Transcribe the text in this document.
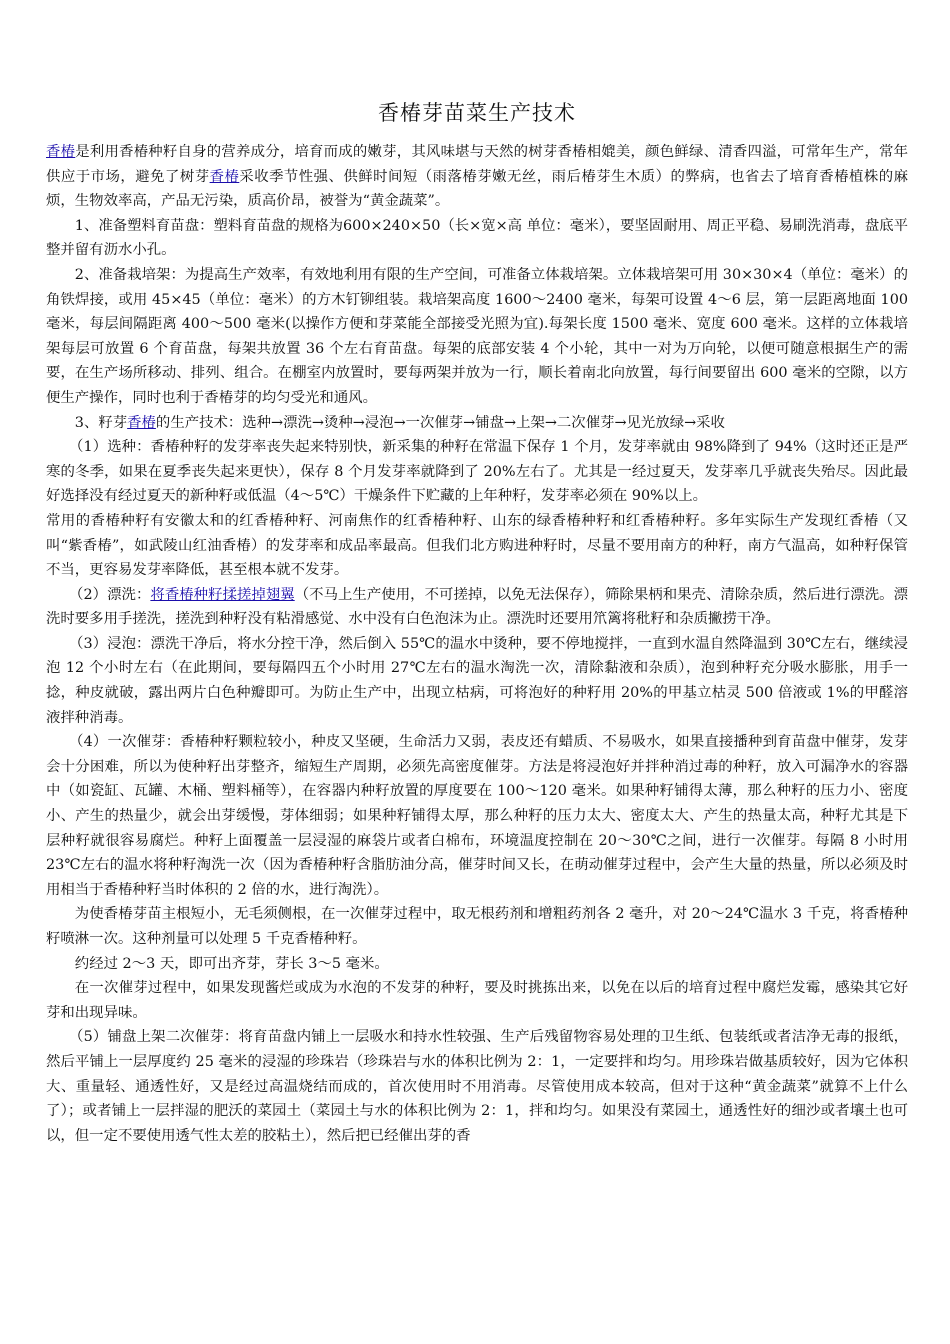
香椿芽苗菜生产技术

香椿是利用香椿种籽自身的营养成分，培育而成的嫩芽，其风味堪与天然的树芽香椿相媲美，颜色鲜绿、清香四溢，可常年生产，常年供应于市场，避免了树芽香椿采收季节性强、供鲜时间短（雨落椿芽嫩无丝，雨后椿芽生木质）的弊病，也省去了培育香椿植株的麻烦，生物效率高，产品无污染，质高价昂，被誉为“黄金蔬菜”。

1、准备塑料育苗盘：塑料育苗盘的规格为600×240×50（长×宽×高 单位：毫米），要坚固耐用、周正平稳、易刷洗消毒，盘底平整并留有沥水小孔。

2、准备栽培架：为提高生产效率，有效地利用有限的生产空间，可准备立体栽培架。立体栽培架可用 30×30×4（单位：毫米）的角铁焊接，或用 45×45（单位：毫米）的方木钉铆组装。栽培架高度 1600～2400 毫米，每架可设置 4～6 层，第一层距离地面 100 毫米，每层间隔距离 400～500 毫米(以操作方便和芽菜能全部接受光照为宜).每架长度 1500 毫米、宽度 600 毫米。这样的立体栽培架每层可放置 6 个育苗盘，每架共放置 36 个左右育苗盘。每架的底部安装 4 个小轮，其中一对为万向轮，以便可随意根据生产的需要，在生产场所移动、排列、组合。在棚室内放置时，要每两架并放为一行，顺长着南北向放置，每行间要留出 600 毫米的空隙，以方便生产操作，同时也利于香椿芽的均匀受光和通风。

3、籽芽香椿的生产技术：选种→漂洗→烫种→浸泡→一次催芽→铺盘→上架→二次催芽→见光放绿→采收

（1）选种：香椿种籽的发芽率丧失起来特别快，新采集的种籽在常温下保存 1 个月，发芽率就由 98%降到了 94%（这时还正是严寒的冬季，如果在夏季丧失起来更快），保存 8 个月发芽率就降到了 20%左右了。尤其是一经过夏天，发芽率几乎就丧失殆尽。因此最好选择没有经过夏天的新种籽或低温（4～5℃）干燥条件下贮藏的上年种籽，发芽率必须在 90%以上。

常用的香椿种籽有安徽太和的红香椿种籽、河南焦作的红香椿种籽、山东的绿香椿种籽和红香椿种籽。多年实际生产发现红香椿（又叫“紫香椿”，如武陵山红油香椿）的发芽率和成品率最高。但我们北方购进种籽时，尽量不要用南方的种籽，南方气温高，如种籽保管不当，更容易发芽率降低，甚至根本就不发芽。

（2）漂洗：将香椿种籽揉搓掉翅翼（不马上生产使用，不可搓掉，以免无法保存），筛除果柄和果壳、清除杂质，然后进行漂洗。漂洗时要多用手搓洗，搓洗到种籽没有粘滑感觉、水中没有白色泡沫为止。漂洗时还要用笊篱将秕籽和杂质撇捞干净。

（3）浸泡：漂洗干净后，将水分控干净，然后倒入 55℃的温水中烫种，要不停地搅拌，一直到水温自然降温到 30℃左右，继续浸泡 12 个小时左右（在此期间，要每隔四五个小时用 27℃左右的温水淘洗一次，清除黏液和杂质），泡到种籽充分吸水膨胀，用手一捻，种皮就破，露出两片白色种瓣即可。为防止生产中，出现立枯病，可将泡好的种籽用 20%的甲基立枯灵 500 倍液或 1%的甲醛溶液拌种消毒。

（4）一次催芽：香椿种籽颗粒较小，种皮又坚硬，生命活力又弱，表皮还有蜡质、不易吸水，如果直接播种到育苗盘中催芽，发芽会十分困难，所以为使种籽出芽整齐，缩短生产周期，必须先高密度催芽。方法是将浸泡好并拌种消过毒的种籽，放入可漏净水的容器中（如瓷缸、瓦罐、木桶、塑料桶等），在容器内种籽放置的厚度要在 100～120 毫米。如果种籽铺得太薄，那么种籽的压力小、密度小、产生的热量少，就会出芽缓慢，芽体细弱；如果种籽铺得太厚，那么种籽的压力太大、密度太大、产生的热量太高，种籽尤其是下层种籽就很容易腐烂。种籽上面覆盖一层浸湿的麻袋片或者白棉布，环境温度控制在 20～30℃之间，进行一次催芽。每隔 8 小时用 23℃左右的温水将种籽淘洗一次（因为香椿种籽含脂肪油分高，催芽时间又长，在萌动催芽过程中，会产生大量的热量，所以必须及时用相当于香椿种籽当时体积的 2 倍的水，进行淘洗）。

为使香椿芽苗主根短小，无毛须侧根，在一次催芽过程中，取无根药剂和增粗药剂各 2 毫升，对 20～24℃温水 3 千克，将香椿种籽喷淋一次。这种剂量可以处理 5 千克香椿种籽。

约经过 2～3 天，即可出齐芽，芽长 3～5 毫米。

在一次催芽过程中，如果发现酱烂或成为水泡的不发芽的种籽，要及时挑拣出来，以免在以后的培育过程中腐烂发霉，感染其它好芽和出现异味。

（5）铺盘上架二次催芽：将育苗盘内铺上一层吸水和持水性较强、生产后残留物容易处理的卫生纸、包装纸或者洁净无毒的报纸，然后平铺上一层厚度约 25 毫米的浸湿的珍珠岩（珍珠岩与水的体积比例为 2：1，一定要拌和均匀。用珍珠岩做基质较好，因为它体积大、重量轻、通透性好，又是经过高温烧结而成的，首次使用时不用消毒。尽管使用成本较高，但对于这种“黄金蔬菜”就算不上什么了）；或者铺上一层拌湿的肥沃的菜园土（菜园土与水的体积比例为 2：1，拌和均匀。如果没有菜园土，通透性好的细沙或者壤土也可以，但一定不要使用透气性太差的胶粘土），然后把已经催出芽的香
